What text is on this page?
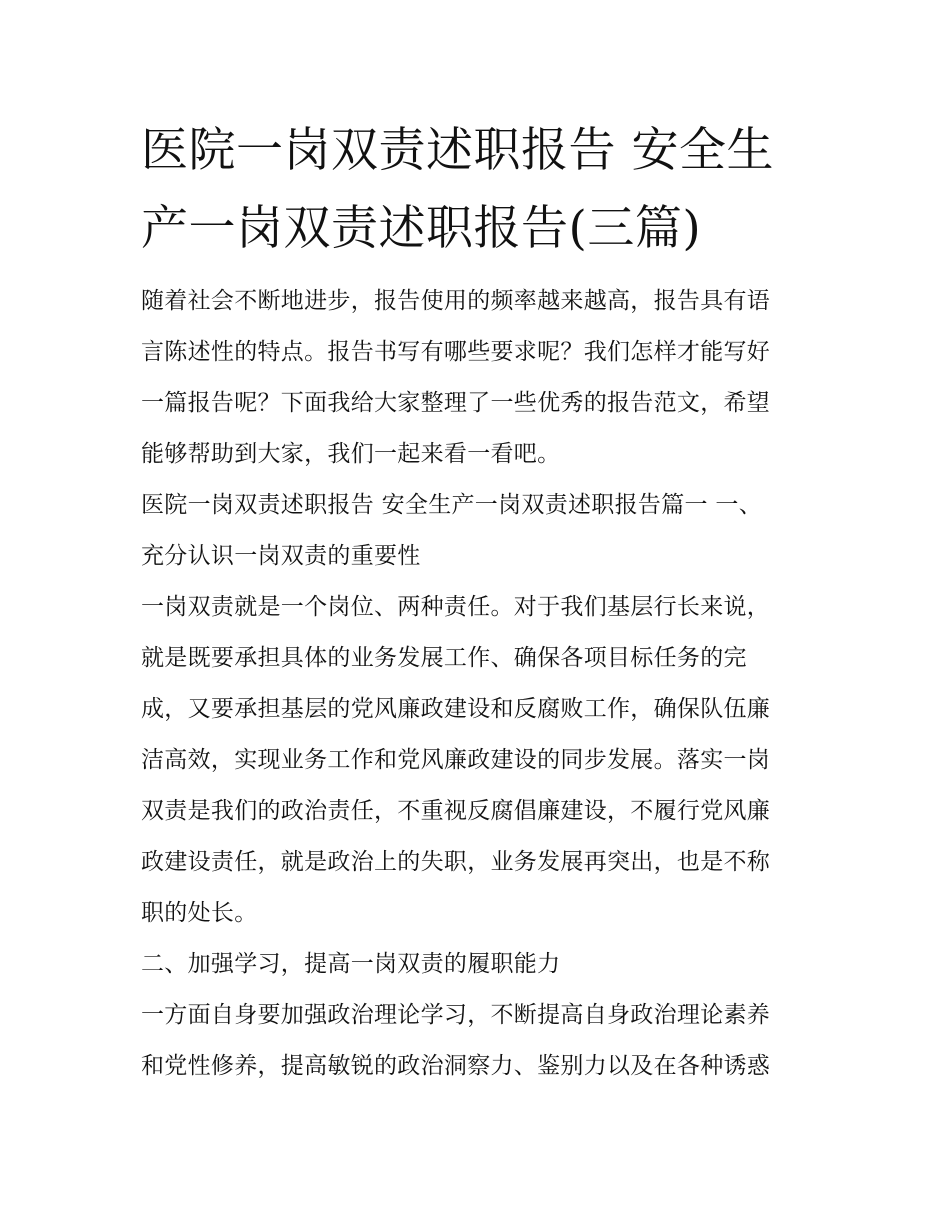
医院一岗双责述职报告 安全生
产一岗双责述职报告(三篇)
随着社会不断地进步，报告使用的频率越来越高，报告具有语
言陈述性的特点。报告书写有哪些要求呢？我们怎样才能写好
一篇报告呢？下面我给大家整理了一些优秀的报告范文，希望
能够帮助到大家，我们一起来看一看吧。
医院一岗双责述职报告 安全生产一岗双责述职报告篇一 一、
充分认识一岗双责的重要性
一岗双责就是一个岗位、两种责任。对于我们基层行长来说，
就是既要承担具体的业务发展工作、确保各项目标任务的完
成，又要承担基层的党风廉政建设和反腐败工作，确保队伍廉
洁高效，实现业务工作和党风廉政建设的同步发展。落实一岗
双责是我们的政治责任，不重视反腐倡廉建设，不履行党风廉
政建设责任，就是政治上的失职，业务发展再突出，也是不称
职的处长。
二、加强学习，提高一岗双责的履职能力
一方面自身要加强政治理论学习，不断提高自身政治理论素养
和党性修养，提高敏锐的政治洞察力、鉴别力以及在各种诱惑
